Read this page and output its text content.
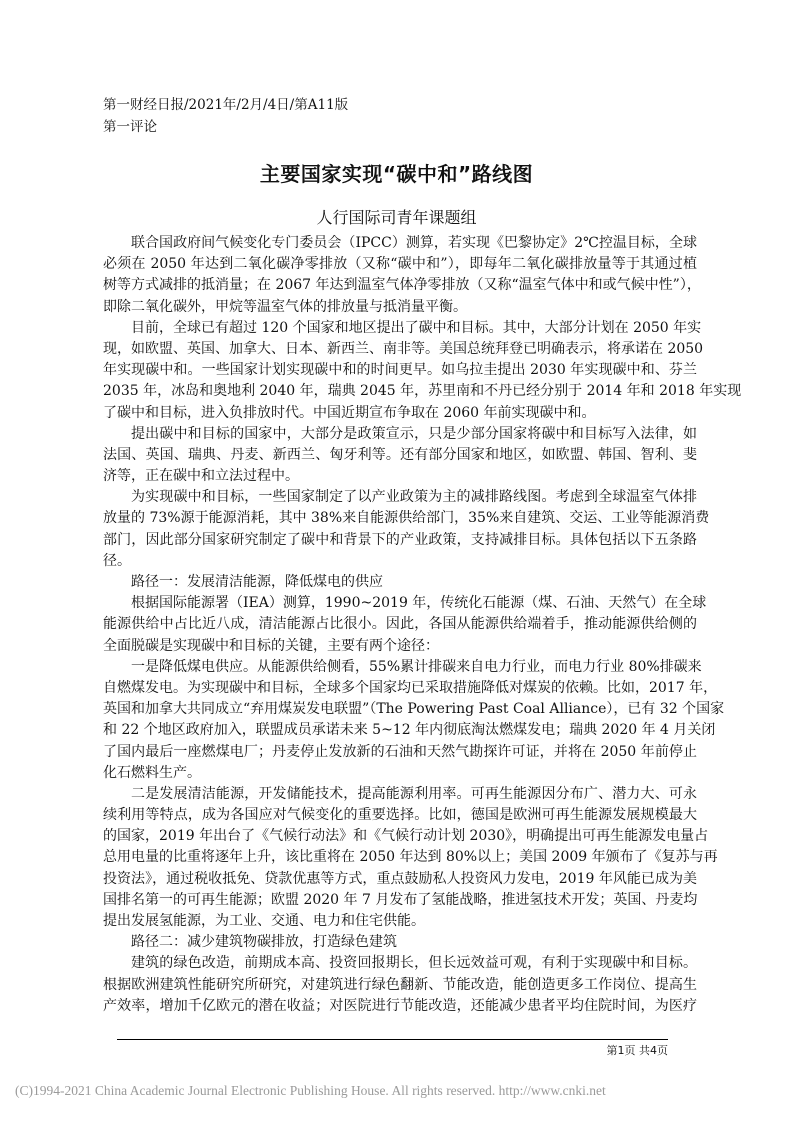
第一财经日报/2021年/2月/4日/第A11版
第一评论
主要国家实现“碳中和”路线图
人行国际司青年课题组
联合国政府间气候变化专门委员会（IPCC）测算，若实现《巴黎协定》2℃控温目标，全球
必须在 2050 年达到二氧化碳净零排放（又称“碳中和”），即每年二氧化碳排放量等于其通过植
树等方式减排的抵消量；在 2067 年达到温室气体净零排放（又称“温室气体中和或气候中性”），
即除二氧化碳外，甲烷等温室气体的排放量与抵消量平衡。
目前，全球已有超过 120 个国家和地区提出了碳中和目标。其中，大部分计划在 2050 年实
现，如欧盟、英国、加拿大、日本、新西兰、南非等。美国总统拜登已明确表示，将承诺在 2050
年实现碳中和。一些国家计划实现碳中和的时间更早。如乌拉圭提出 2030 年实现碳中和、芬兰
2035 年，冰岛和奥地利 2040 年，瑞典 2045 年，苏里南和不丹已经分别于 2014 年和 2018 年实现
了碳中和目标，进入负排放时代。中国近期宣布争取在 2060 年前实现碳中和。
提出碳中和目标的国家中，大部分是政策宣示，只是少部分国家将碳中和目标写入法律，如
法国、英国、瑞典、丹麦、新西兰、匈牙利等。还有部分国家和地区，如欧盟、韩国、智利、斐
济等，正在碳中和立法过程中。
为实现碳中和目标，一些国家制定了以产业政策为主的减排路线图。考虑到全球温室气体排
放量的 73%源于能源消耗，其中 38%来自能源供给部门，35%来自建筑、交运、工业等能源消费
部门，因此部分国家研究制定了碳中和背景下的产业政策，支持减排目标。具体包括以下五条路
径。
路径一：发展清洁能源，降低煤电的供应
根据国际能源署（IEA）测算，1990~2019 年，传统化石能源（煤、石油、天然气）在全球
能源供给中占比近八成，清洁能源占比很小。因此，各国从能源供给端着手，推动能源供给侧的
全面脱碳是实现碳中和目标的关键，主要有两个途径：
一是降低煤电供应。从能源供给侧看，55%累计排碳来自电力行业，而电力行业 80%排碳来
自燃煤发电。为实现碳中和目标，全球多个国家均已采取措施降低对煤炭的依赖。比如，2017 年，
英国和加拿大共同成立“弃用煤炭发电联盟”（The Powering Past Coal Alliance），已有 32 个国家
和 22 个地区政府加入，联盟成员承诺未来 5~12 年内彻底淘汰燃煤发电；瑞典 2020 年 4 月关闭
了国内最后一座燃煤电厂；丹麦停止发放新的石油和天然气勘探许可证，并将在 2050 年前停止
化石燃料生产。
二是发展清洁能源，开发储能技术，提高能源利用率。可再生能源因分布广、潜力大、可永
续利用等特点，成为各国应对气候变化的重要选择。比如，德国是欧洲可再生能源发展规模最大
的国家，2019 年出台了《气候行动法》和《气候行动计划 2030》，明确提出可再生能源发电量占
总用电量的比重将逐年上升，该比重将在 2050 年达到 80%以上；美国 2009 年颁布了《复苏与再
投资法》，通过税收抵免、贷款优惠等方式，重点鼓励私人投资风力发电，2019 年风能已成为美
国排名第一的可再生能源；欧盟 2020 年 7 月发布了氢能战略，推进氢技术开发；英国、丹麦均
提出发展氢能源，为工业、交通、电力和住宅供能。
路径二：减少建筑物碳排放，打造绿色建筑
建筑的绿色改造，前期成本高、投资回报期长，但长远效益可观，有利于实现碳中和目标。
根据欧洲建筑性能研究所研究，对建筑进行绿色翻新、节能改造，能创造更多工作岗位、提高生
产效率，增加千亿欧元的潜在收益；对医院进行节能改造，还能减少患者平均住院时间，为医疗
第1页 共4页
(C)1994-2021 China Academic Journal Electronic Publishing House. All rights reserved. http://www.cnki.net
